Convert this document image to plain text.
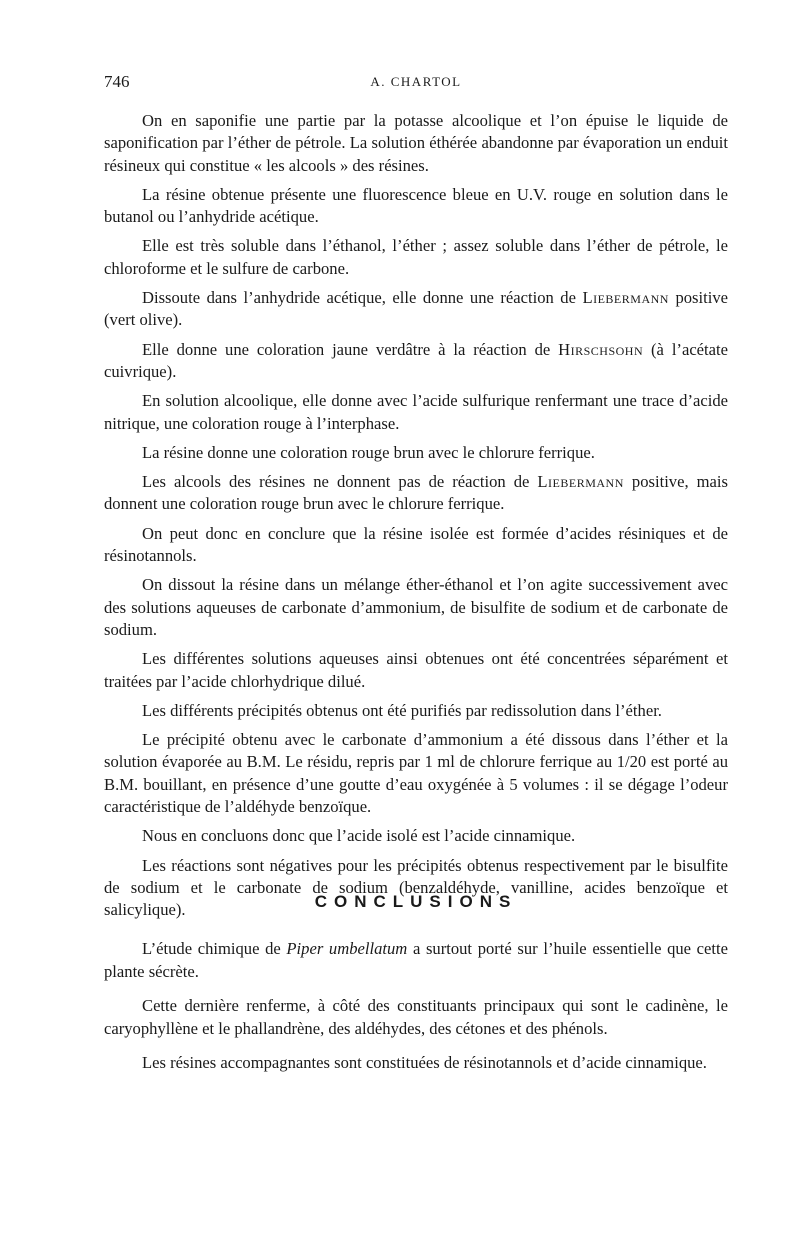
746	A. CHARTOL

On en saponifie une partie par la potasse alcoolique et l’on épuise le liquide de saponification par l’éther de pétrole. La solution éthérée abandonne par évaporation un enduit résineux qui constitue « les alcools » des résines.

La résine obtenue présente une fluorescence bleue en U.V. rouge en solution dans le butanol ou l’anhydride acétique.

Elle est très soluble dans l’éthanol, l’éther ; assez soluble dans l’éther de pétrole, le chloroforme et le sulfure de carbone.

Dissoute dans l’anhydride acétique, elle donne une réaction de Liebermann positive (vert olive).

Elle donne une coloration jaune verdâtre à la réaction de Hirschsohn (à l’acétate cuivrique).

En solution alcoolique, elle donne avec l’acide sulfurique renfermant une trace d’acide nitrique, une coloration rouge à l’interphase.

La résine donne une coloration rouge brun avec le chlorure ferrique.

Les alcools des résines ne donnent pas de réaction de Liebermann positive, mais donnent une coloration rouge brun avec le chlorure ferrique.

On peut donc en conclure que la résine isolée est formée d’acides résiniques et de résinotannols.

On dissout la résine dans un mélange éther-éthanol et l’on agite successivement avec des solutions aqueuses de carbonate d’ammonium, de bisulfite de sodium et de carbonate de sodium.

Les différentes solutions aqueuses ainsi obtenues ont été concentrées séparément et traitées par l’acide chlorhydrique dilué.

Les différents précipités obtenus ont été purifiés par redissolution dans l’éther.

Le précipité obtenu avec le carbonate d’ammonium a été dissous dans l’éther et la solution évaporée au B.M. Le résidu, repris par 1 ml de chlorure ferrique au 1/20 est porté au B.M. bouillant, en présence d’une goutte d’eau oxygénée à 5 volumes : il se dégage l’odeur caractéristique de l’aldéhyde benzoïque.

Nous en concluons donc que l’acide isolé est l’acide cinnamique.

Les réactions sont négatives pour les précipités obtenus respectivement par le bisulfite de sodium et le carbonate de sodium (benzaldéhyde, vanilline, acides benzoïque et salicylique).	CONCLUSIONS

L’étude chimique de Piper umbellatum a surtout porté sur l’huile essentielle que cette plante sécrète.

Cette dernière renferme, à côté des constituants principaux qui sont le cadinène, le caryophyllène et le phallandrène, des aldéhydes, des cétones et des phénols.

Les résines accompagnantes sont constituées de résinotannols et d’acide cinnamique.
